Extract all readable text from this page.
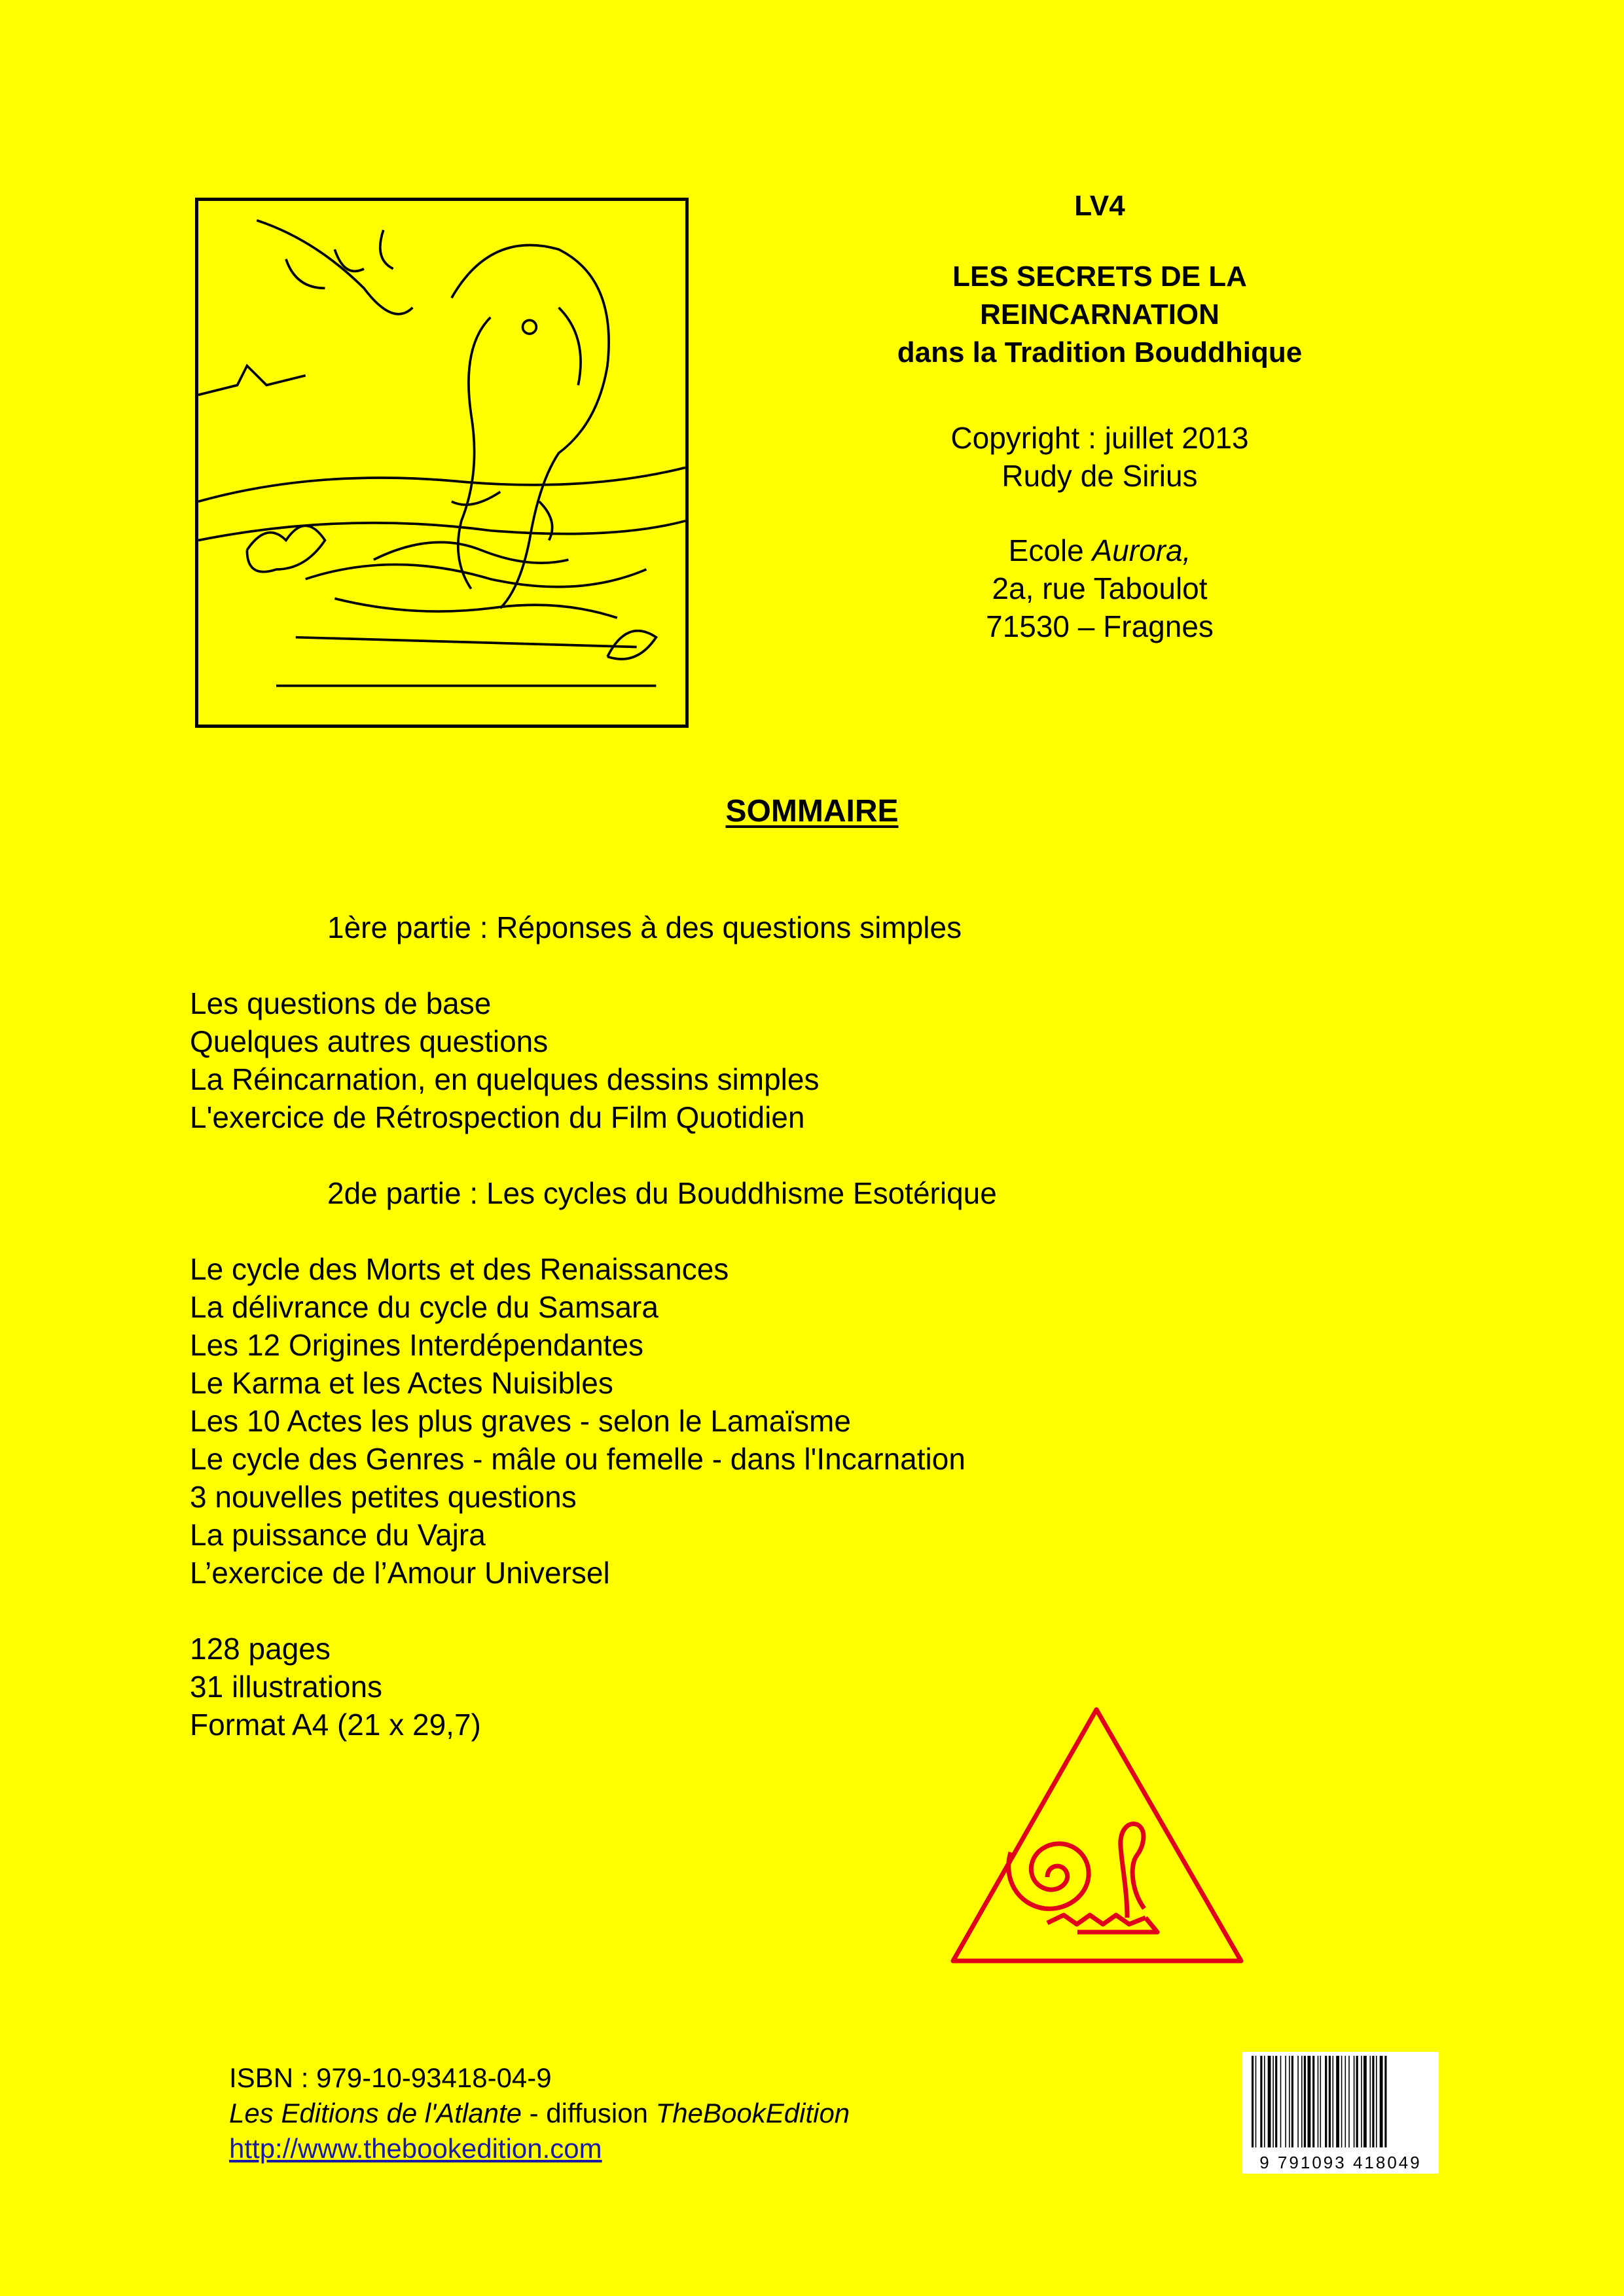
LV4
LES SECRETS DE LA
REINCARNATION
dans la Tradition Bouddhique
Copyright : juillet 2013
Rudy de Sirius
Ecole Aurora,
2a, rue Taboulot
71530 – Fragnes
SOMMAIRE
1ère partie : Réponses à des questions simples
Les questions de base
Quelques autres questions
La Réincarnation, en quelques dessins simples
L'exercice de Rétrospection du Film Quotidien
2de partie : Les cycles du Bouddhisme Esotérique
Le cycle des Morts et des Renaissances
La délivrance du cycle du Samsara
Les 12 Origines Interdépendantes
Le Karma et les Actes Nuisibles
Les 10 Actes les plus graves - selon le Lamaïsme
Le cycle des Genres - mâle ou femelle - dans l'Incarnation
3 nouvelles petites questions
La puissance du Vajra
L’exercice de l’Amour Universel
128 pages
31 illustrations
Format A4 (21 x 29,7)
ISBN : 979-10-93418-04-9
Les Editions de l'Atlante - diffusion TheBookEdition
http://www.thebookedition.com	9 791093 418049
